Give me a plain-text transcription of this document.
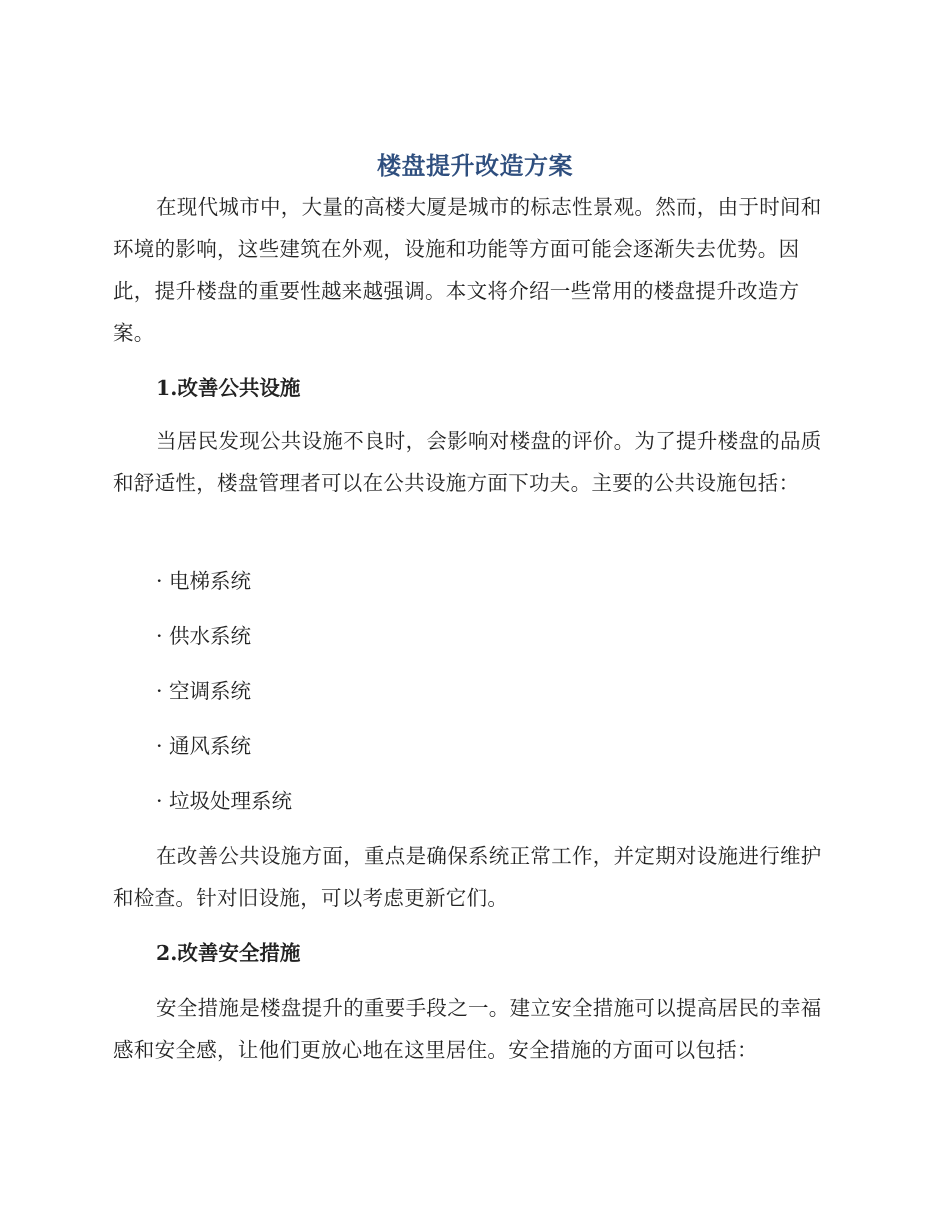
楼盘提升改造方案
在现代城市中，大量的高楼大厦是城市的标志性景观。然而，由于时间和环境的影响，这些建筑在外观，设施和功能等方面可能会逐渐失去优势。因此，提升楼盘的重要性越来越强调。本文将介绍一些常用的楼盘提升改造方案。
1.改善公共设施
当居民发现公共设施不良时，会影响对楼盘的评价。为了提升楼盘的品质和舒适性，楼盘管理者可以在公共设施方面下功夫。主要的公共设施包括：
· 电梯系统
· 供水系统
· 空调系统
· 通风系统
· 垃圾处理系统
在改善公共设施方面，重点是确保系统正常工作，并定期对设施进行维护和检查。针对旧设施，可以考虑更新它们。
2.改善安全措施
安全措施是楼盘提升的重要手段之一。建立安全措施可以提高居民的幸福感和安全感，让他们更放心地在这里居住。安全措施的方面可以包括：
